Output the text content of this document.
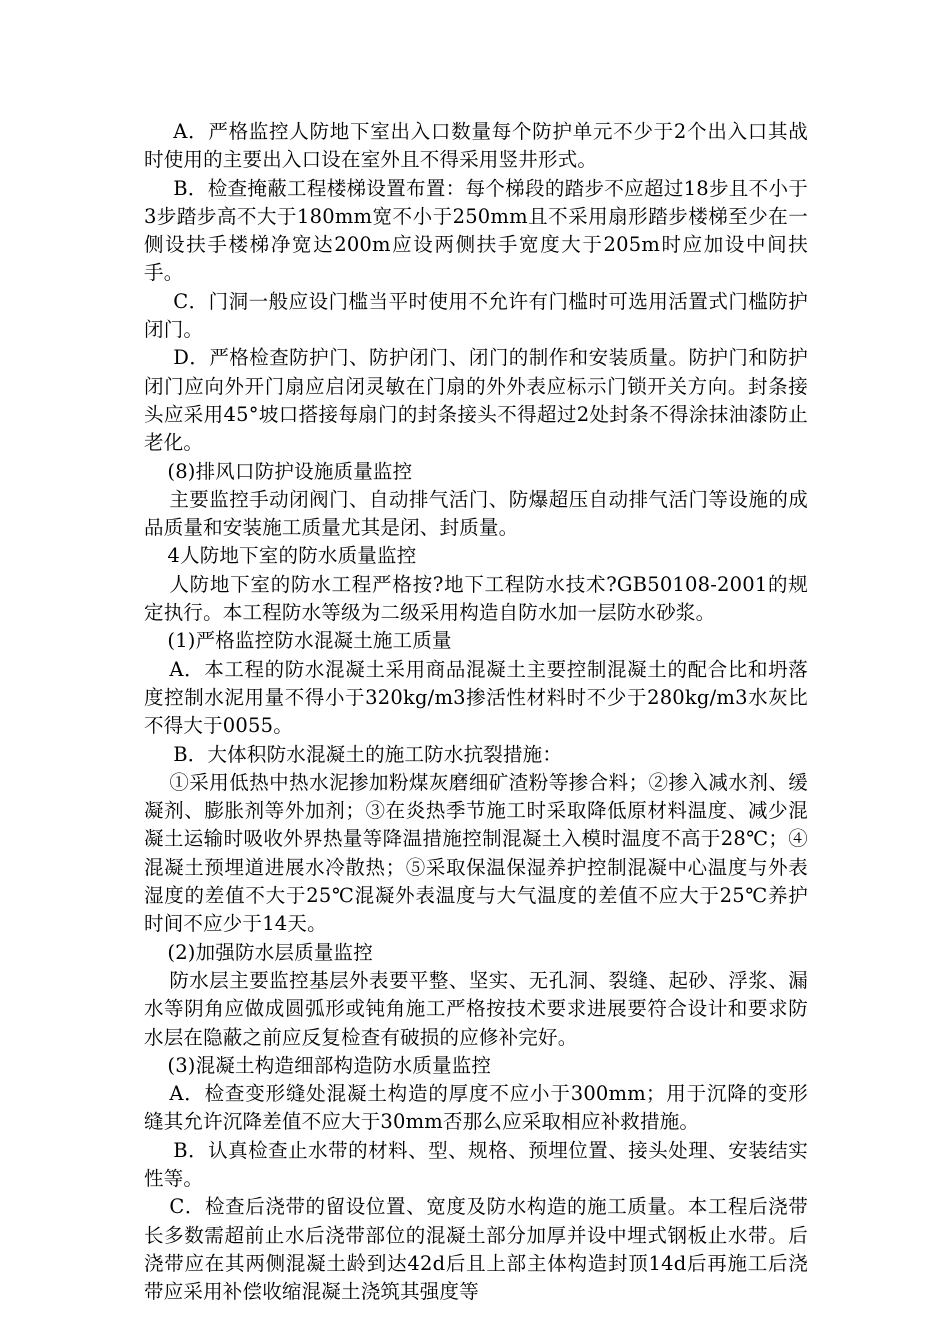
A．严格监控人防地下室出入口数量每个防护单元不少于2个出入口其战时使用的主要出入口设在室外且不得采用竖井形式。

B．检查掩蔽工程楼梯设置布置：每个梯段的踏步不应超过18步且不小于3步踏步高不大于180mm宽不小于250mm且不采用扇形踏步楼梯至少在一侧设扶手楼梯净宽达200m应设两侧扶手宽度大于205m时应加设中间扶手。

C．门洞一般应设门槛当平时使用不允许有门槛时可选用活置式门槛防护闭门。

D．严格检查防护门、防护闭门、闭门的制作和安装质量。防护门和防护闭门应向外开门扇应启闭灵敏在门扇的外外表应标示门锁开关方向。封条接头应采用45°坡口搭接每扇门的封条接头不得超过2处封条不得涂抹油漆防止老化。

(8)排风口防护设施质量监控

主要监控手动闭阀门、自动排气活门、防爆超压自动排气活门等设施的成品质量和安装施工质量尤其是闭、封质量。

4人防地下室的防水质量监控

人防地下室的防水工程严格按?地下工程防水技术?GB50108-2001的规定执行。本工程防水等级为二级采用构造自防水加一层防水砂浆。

(1)严格监控防水混凝土施工质量

A．本工程的防水混凝土采用商品混凝土主要控制混凝土的配合比和坍落度控制水泥用量不得小于320kg/m3掺活性材料时不少于280kg/m3水灰比不得大于0055。

B．大体积防水混凝土的施工防水抗裂措施：

①采用低热中热水泥掺加粉煤灰磨细矿渣粉等掺合料；②掺入减水剂、缓凝剂、膨胀剂等外加剂；③在炎热季节施工时采取降低原材料温度、减少混凝土运输时吸收外界热量等降温措施控制混凝土入模时温度不高于28℃；④混凝土预埋道进展水冷散热；⑤采取保温保湿养护控制混凝中心温度与外表湿度的差值不大于25℃混凝外表温度与大气温度的差值不应大于25℃养护时间不应少于14天。

(2)加强防水层质量监控

防水层主要监控基层外表要平整、坚实、无孔洞、裂缝、起砂、浮浆、漏水等阴角应做成圆弧形或钝角施工严格按技术要求进展要符合设计和要求防水层在隐蔽之前应反复检查有破损的应修补完好。

(3)混凝土构造细部构造防水质量监控

A．检查变形缝处混凝土构造的厚度不应小于300mm；用于沉降的变形缝其允许沉降差值不应大于30mm否那么应采取相应补救措施。

B．认真检查止水带的材料、型、规格、预埋位置、接头处理、安装结实性等。

C．检查后浇带的留设位置、宽度及防水构造的施工质量。本工程后浇带长多数需超前止水后浇带部位的混凝土部分加厚并设中埋式钢板止水带。后浇带应在其两侧混凝土龄到达42d后且上部主体构造封顶14d后再施工后浇带应采用补偿收缩混凝土浇筑其强度等
